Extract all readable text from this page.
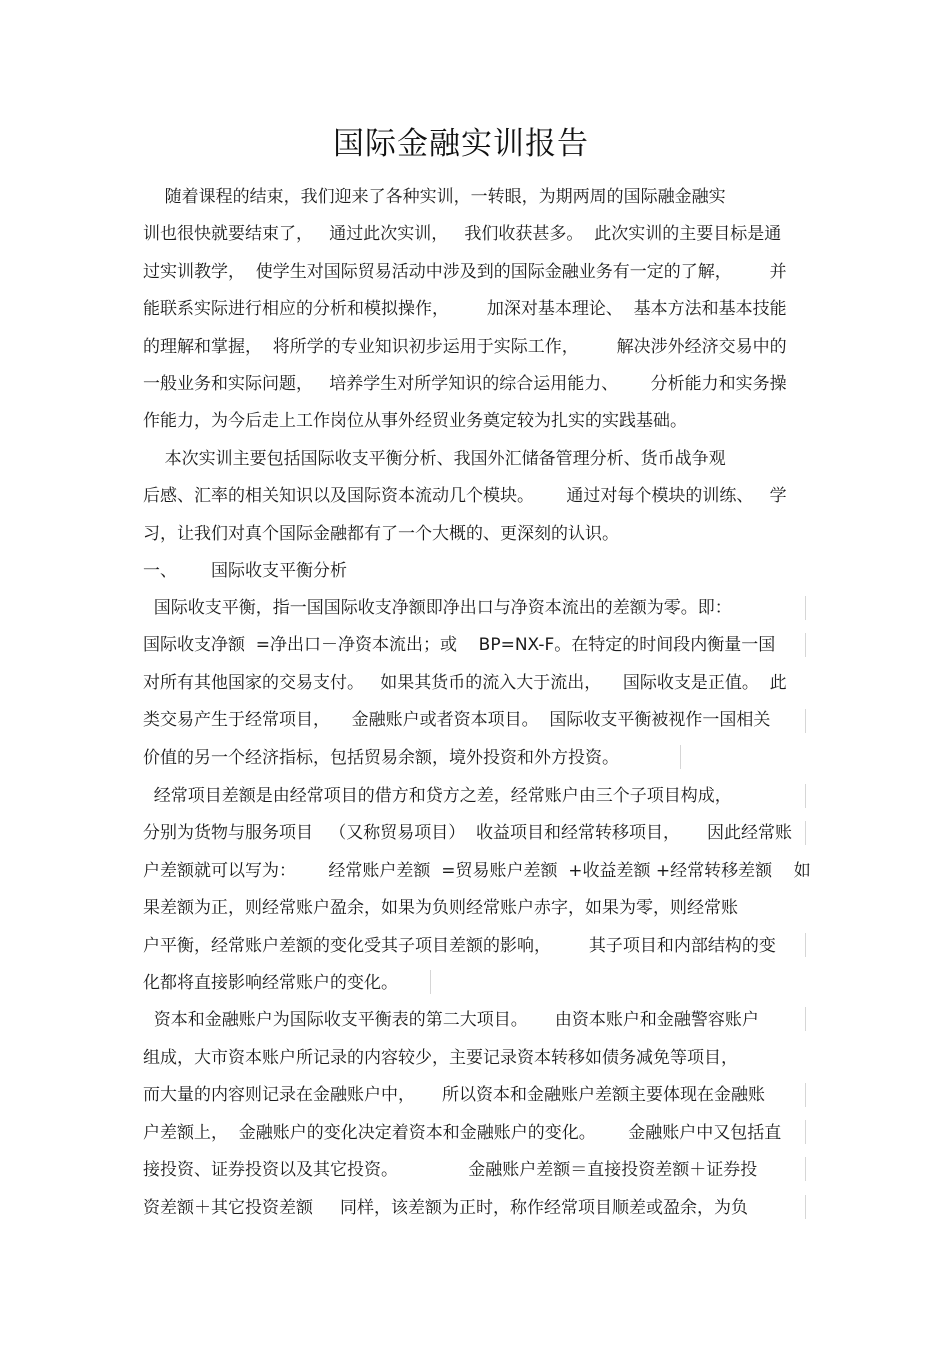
国际金融实训报告
随着课程的结束，我们迎来了各种实训，一转眼，为期两周的国际融金融实
训也很快就要结束了，   通过此次实训，   我们收获甚多。  此次实训的主要目标是通
过实训教学，  使学生对国际贸易活动中涉及到的国际金融业务有一定的了解，       并
能联系实际进行相应的分析和模拟操作，       加深对基本理论、  基本方法和基本技能
的理解和掌握，  将所学的专业知识初步运用于实际工作，       解决涉外经济交易中的
一般业务和实际问题，   培养学生对所学知识的综合运用能力、      分析能力和实务操
作能力，为今后走上工作岗位从事外经贸业务奠定较为扎实的实践基础。
本次实训主要包括国际收支平衡分析、我国外汇储备管理分析、货币战争观
后感、汇率的相关知识以及国际资本流动几个模块。      通过对每个模块的训练、   学
习，让我们对真个国际金融都有了一个大概的、更深刻的认识。
国际收支平衡，指一国国际收支净额即净出口与净资本流出的差额为零。即：
国际收支净额  =净出口－净资本流出；或    BP=NX-F。在特定的时间段内衡量一国
对所有其他国家的交易支付。   如果其货币的流入大于流出，    国际收支是正值。  此
类交易产生于经常项目，    金融账户或者资本项目。  国际收支平衡被视作一国相关
价值的另一个经济指标，包括贸易余额，境外投资和外方投资。
经常项目差额是由经常项目的借方和贷方之差，经常账户由三个子项目构成，
分别为货物与服务项目   （又称贸易项目）  收益项目和经常转移项目，     因此经常账
户差额就可以写为：      经常账户差额  =贸易账户差额  +收益差额 +经常转移差额    如
果差额为正，则经常账户盈余，如果为负则经常账户赤字，如果为零，则经常账
户平衡，经常账户差额的变化受其子项目差额的影响，       其子项目和内部结构的变
化都将直接影响经常账户的变化。
资本和金融账户为国际收支平衡表的第二大项目。     由资本账户和金融警容账户
组成，大市资本账户所记录的内容较少，主要记录资本转移如债务减免等项目，
而大量的内容则记录在金融账户中，     所以资本和金融账户差额主要体现在金融账
户差额上，  金融账户的变化决定着资本和金融账户的变化。      金融账户中又包括直
接投资、证券投资以及其它投资。             金融账户差额＝直接投资差额＋证券投
资差额＋其它投资差额     同样，该差额为正时，称作经常项目顺差或盈余，为负
一、 国际收支平衡分析
